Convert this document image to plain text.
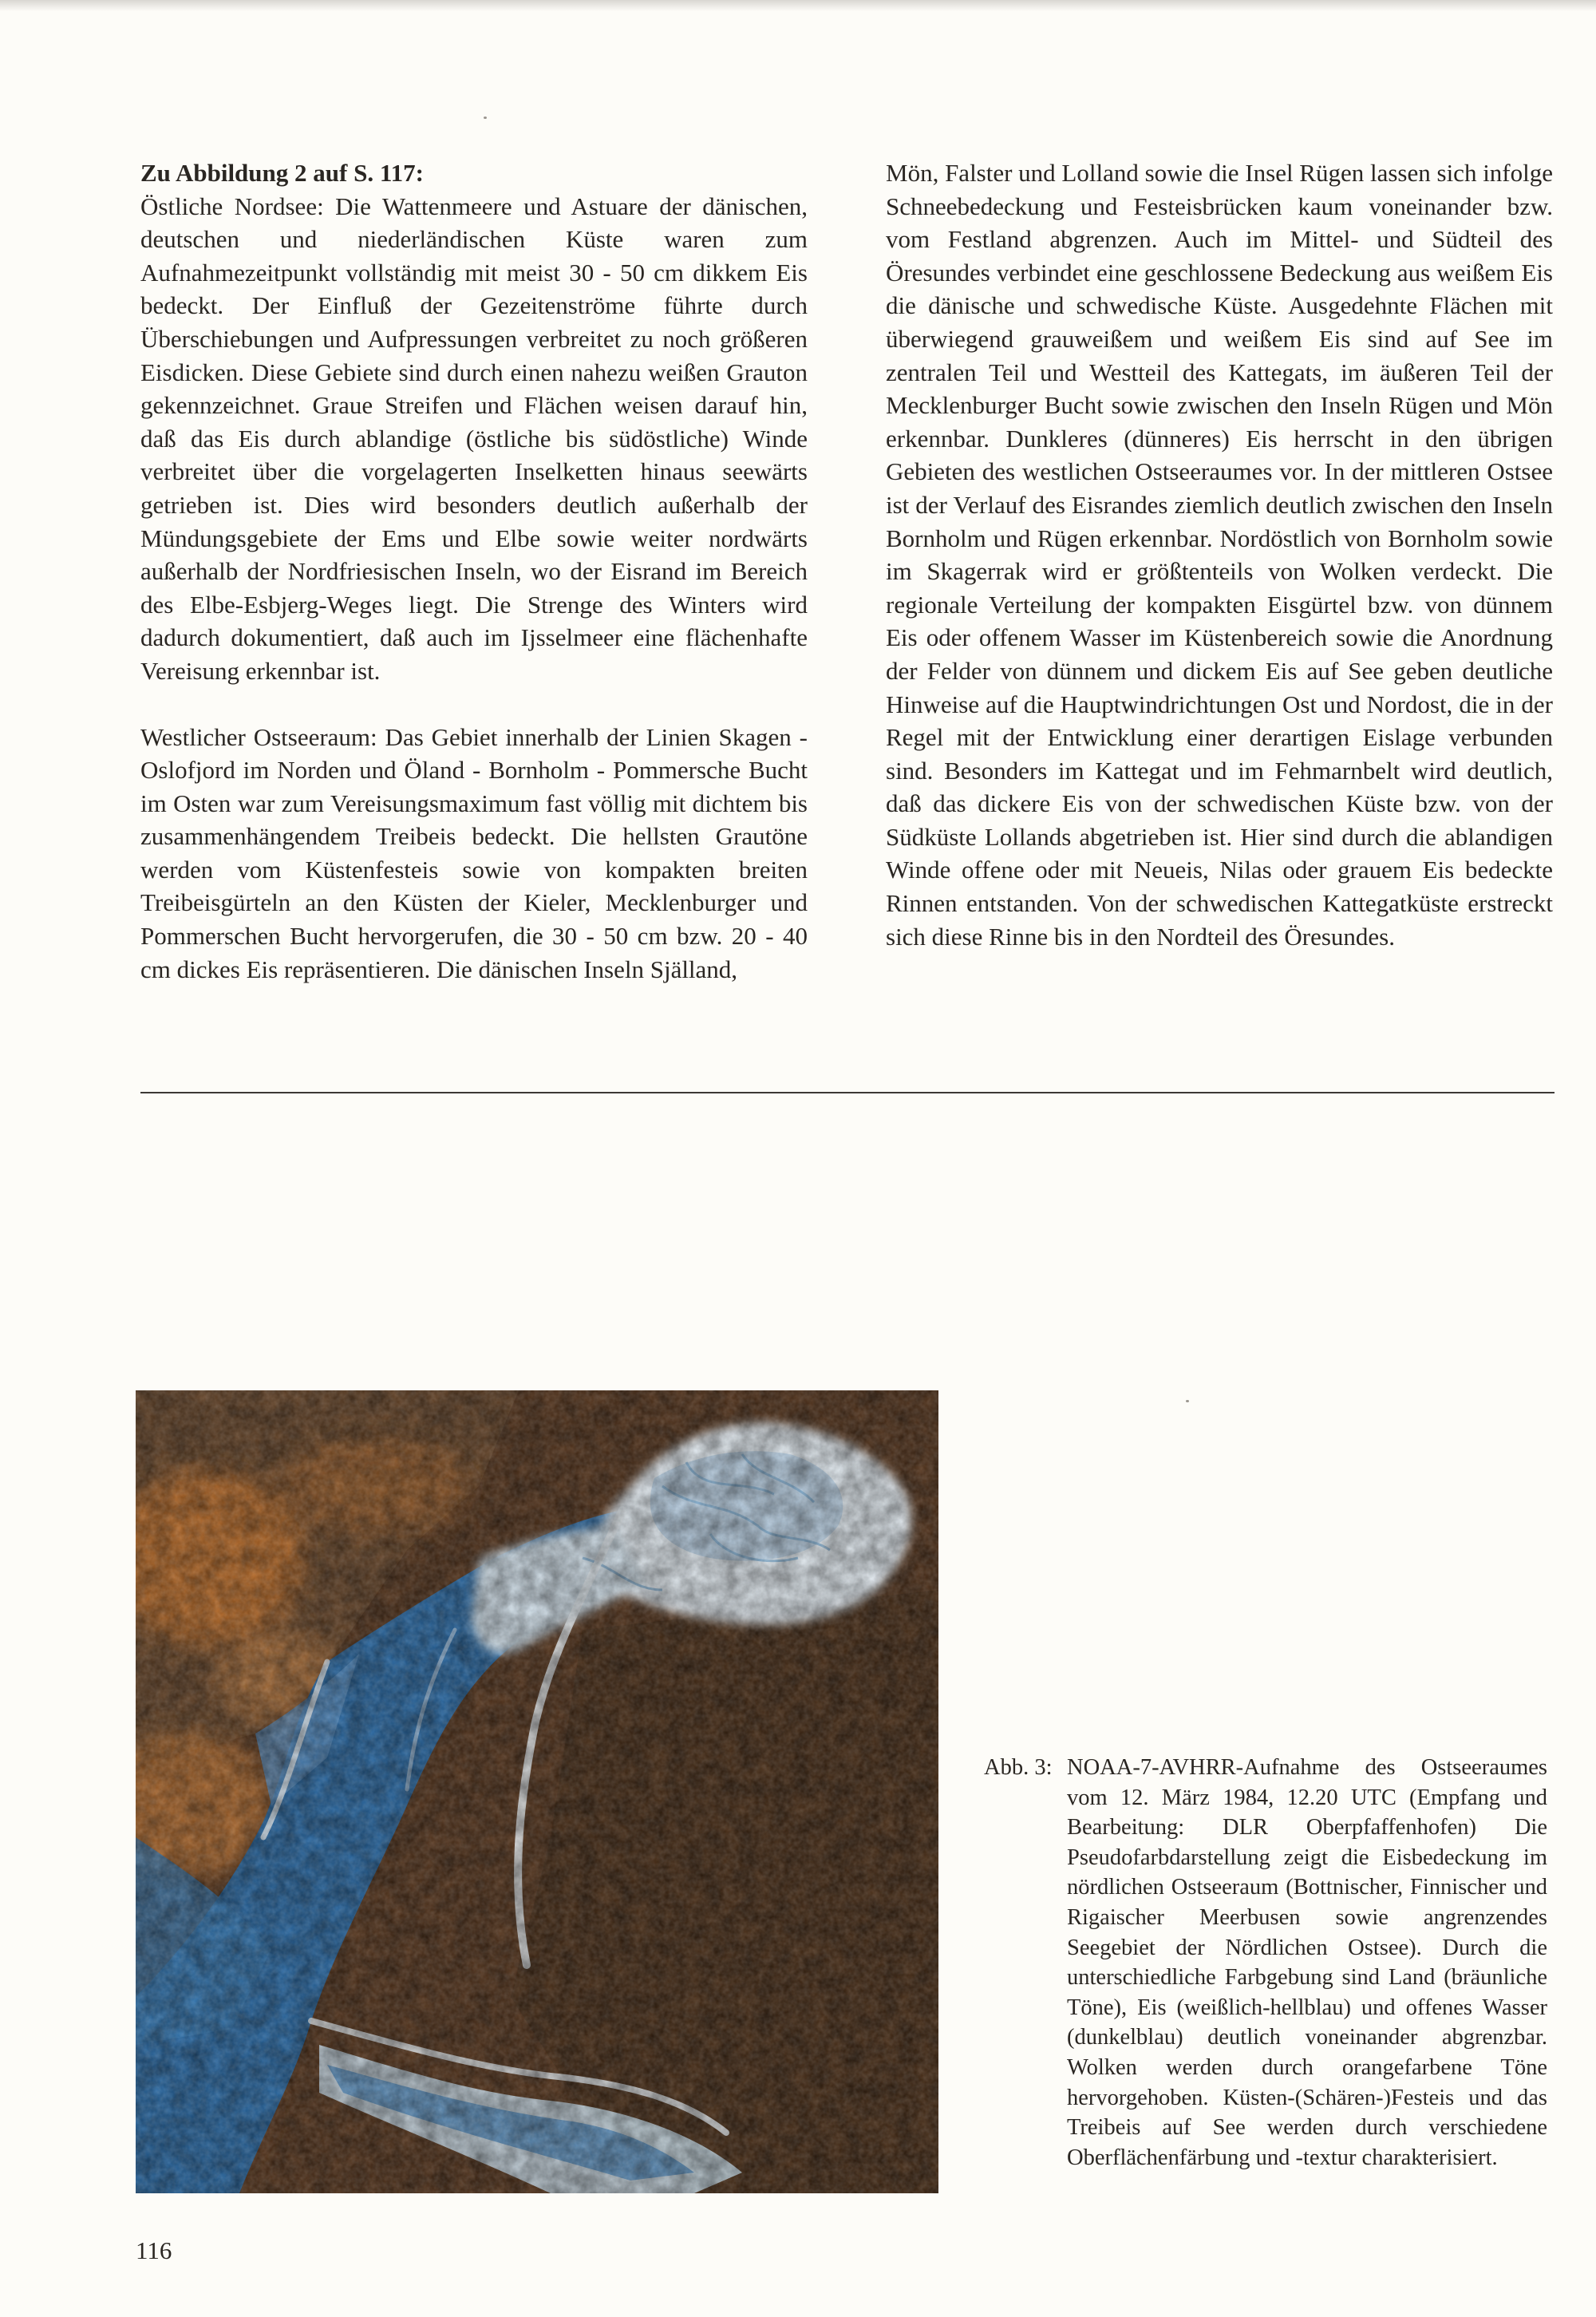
Zu Abbildung 2 auf S. 117:
Östliche Nordsee: Die Wattenmeere und Astuare der dänischen, deutschen und niederländischen Küste waren zum Aufnahmezeitpunkt vollständig mit meist 30 - 50 cm dikkem Eis bedeckt. Der Einfluß der Gezeitenströme führte durch Überschiebungen und Aufpressungen verbreitet zu noch größeren Eisdicken. Diese Gebiete sind durch einen nahezu weißen Grauton gekennzeichnet. Graue Streifen und Flächen weisen darauf hin, daß das Eis durch ablandige (östliche bis südöstliche) Winde verbreitet über die vorgelagerten Inselketten hinaus seewärts getrieben ist. Dies wird besonders deutlich außerhalb der Mündungsgebiete der Ems und Elbe sowie weiter nordwärts außerhalb der Nordfriesischen Inseln, wo der Eisrand im Bereich des Elbe-Esbjerg-Weges liegt. Die Strenge des Winters wird dadurch dokumentiert, daß auch im Ijsselmeer eine flächenhafte Vereisung erkennbar ist.

Westlicher Ostseeraum: Das Gebiet innerhalb der Linien Skagen - Oslofjord im Norden und Öland - Bornholm - Pommersche Bucht im Osten war zum Vereisungsmaximum fast völlig mit dichtem bis zusammenhängendem Treibeis bedeckt. Die hellsten Grautöne werden vom Küstenfesteis sowie von kompakten breiten Treibeisgürteln an den Küsten der Kieler, Mecklenburger und Pommerschen Bucht hervorgerufen, die 30 - 50 cm bzw. 20 - 40 cm dickes Eis repräsentieren. Die dänischen Inseln Själland,

Mön, Falster und Lolland sowie die Insel Rügen lassen sich infolge Schneebedeckung und Festeisbrücken kaum voneinander bzw. vom Festland abgrenzen. Auch im Mittel- und Südteil des Öresundes verbindet eine geschlossene Bedeckung aus weißem Eis die dänische und schwedische Küste. Ausgedehnte Flächen mit überwiegend grauweißem und weißem Eis sind auf See im zentralen Teil und Westteil des Kattegats, im äußeren Teil der Mecklenburger Bucht sowie zwischen den Inseln Rügen und Mön erkennbar. Dunkleres (dünneres) Eis herrscht in den übrigen Gebieten des westlichen Ostseeraumes vor. In der mittleren Ostsee ist der Verlauf des Eisrandes ziemlich deutlich zwischen den Inseln Bornholm und Rügen erkennbar. Nordöstlich von Bornholm sowie im Skagerrak wird er größtenteils von Wolken verdeckt. Die regionale Verteilung der kompakten Eisgürtel bzw. von dünnem Eis oder offenem Wasser im Küstenbereich sowie die Anordnung der Felder von dünnem und dickem Eis auf See geben deutliche Hinweise auf die Hauptwindrichtungen Ost und Nordost, die in der Regel mit der Entwicklung einer derartigen Eislage verbunden sind. Besonders im Kattegat und im Fehmarnbelt wird deutlich, daß das dickere Eis von der schwedischen Küste bzw. von der Südküste Lollands abgetrieben ist. Hier sind durch die ablandigen Winde offene oder mit Neueis, Nilas oder grauem Eis bedeckte Rinnen entstanden. Von der schwedischen Kattegatküste erstreckt sich diese Rinne bis in den Nordteil des Öresundes.

Abb. 3: NOAA-7-AVHRR-Aufnahme des Ostseeraumes vom 12. März 1984, 12.20 UTC (Empfang und Bearbeitung: DLR Oberpfaffenhofen) Die Pseudofarbdarstellung zeigt die Eisbedeckung im nördlichen Ostseeraum (Bottnischer, Finnischer und Rigaischer Meerbusen sowie angrenzendes Seegebiet der Nördlichen Ostsee). Durch die unterschiedliche Farbgebung sind Land (bräunliche Töne), Eis (weißlich-hellblau) und offenes Wasser (dunkelblau) deutlich voneinander abgrenzbar. Wolken werden durch orangefarbene Töne hervorgehoben. Küsten-(Schären-)Festeis und das Treibeis auf See werden durch verschiedene Oberflächenfärbung und -textur charakterisiert.
116
